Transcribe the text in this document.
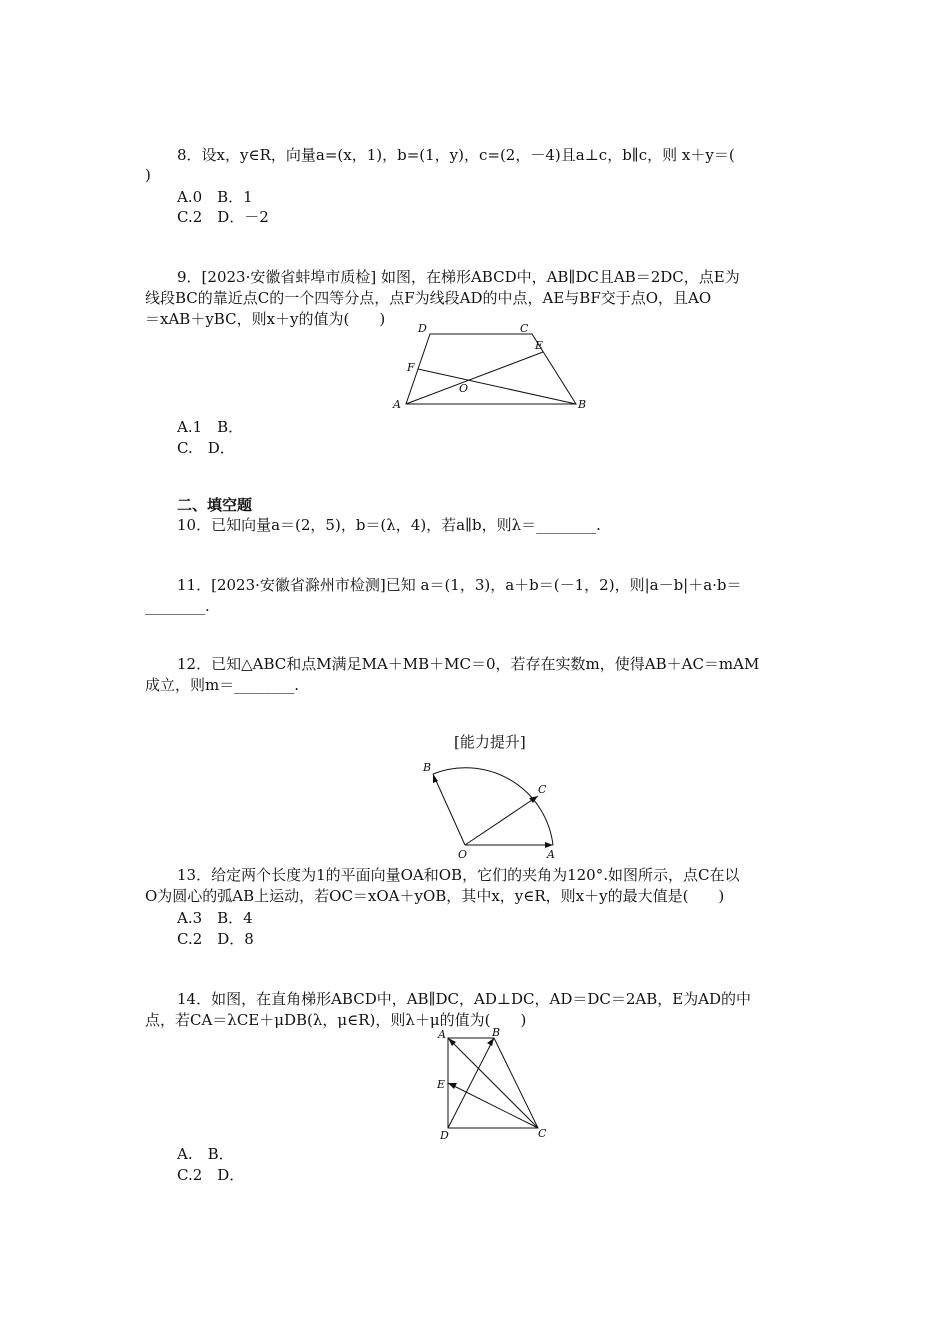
8．设x，y∈R，向量a=(x，1)，b=(1，y)，c=(2，－4)且a⊥c，b∥c，则 x＋y＝(
)
A.0　B．1
C.2　D．－2
9．[2023·安徽省蚌埠市质检] 如图，在梯形ABCD中，AB∥DC且AB＝2DC，点E为
线段BC的靠近点C的一个四等分点，点F为线段AD的中点，AE与BF交于点O，且AO
＝xAB＋yBC，则x＋y的值为(　　)
A	B
C
D
E
F
O
A.1　B．
C.　D．
二、填空题
10．已知向量a＝(2，5)，b＝(λ，4)，若a∥b，则λ＝________.
11．[2023·安徽省滁州市检测]已知 a＝(1，3)，a＋b＝(－1，2)，则|a－b|＋a·b＝
________.
12．已知△ABC和点M满足MA＋MB＋MC＝0，若存在实数m，使得AB＋AC＝mAM
成立，则m＝________.
[能力提升]
B
C
O	A
13．给定两个长度为1的平面向量OA和OB，它们的夹角为120°.如图所示，点C在以
O为圆心的弧AB上运动，若OC＝xOA＋yOB，其中x，y∈R，则x＋y的最大值是(　　)
A.3　B．4
C.2　D．8
14．如图，在直角梯形ABCD中，AB∥DC，AD⊥DC，AD＝DC＝2AB，E为AD的中
点，若CA＝λCE＋μDB(λ，μ∈R)，则λ＋μ的值为(　　)
A	B
E
D	C
A.　B．
C.2　D．
